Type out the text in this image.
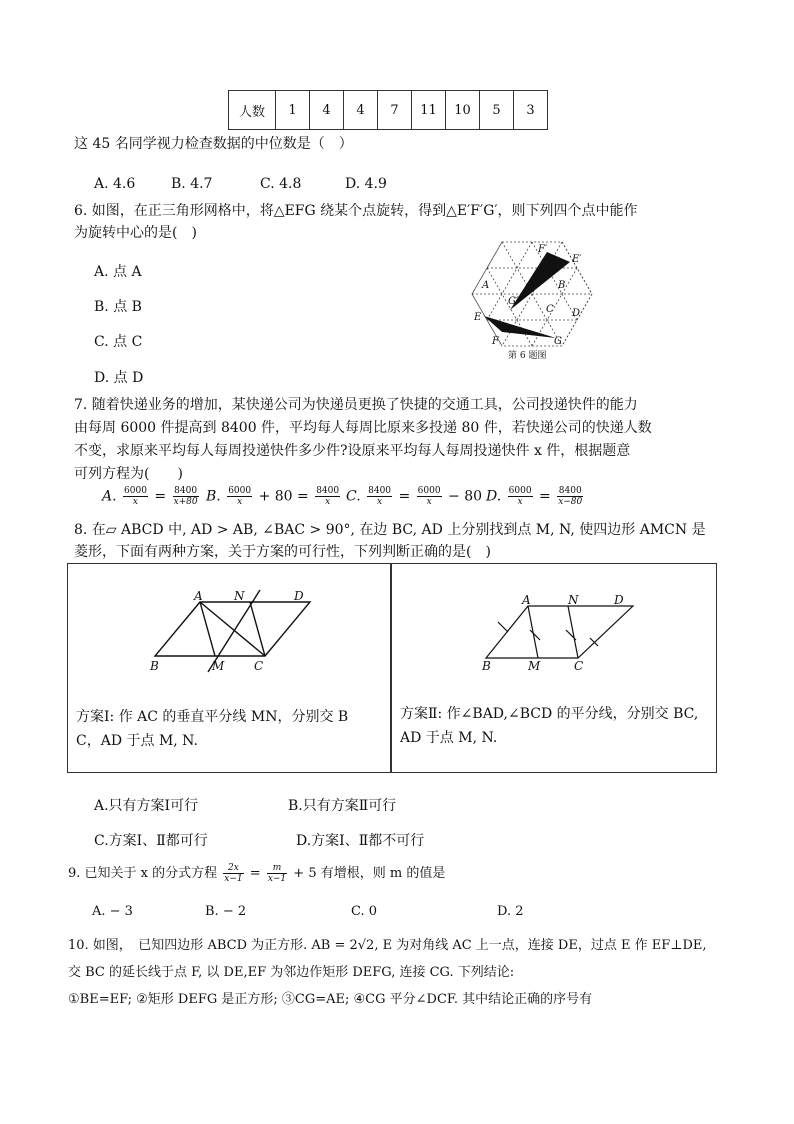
人数	1	4	4	7	11	10	5	3
这 45 名同学视力检查数据的中位数是（　）
A. 4.6	B. 4.7	C. 4.8	D. 4.9
6. 如图，在正三角形网格中，将△EFG 绕某个点旋转，得到△E′F′G′，则下列四个点中能作
为旋转中心的是(　)
A. 点 A
B. 点 B
C. 点 C
D. 点 D
F′
E′
A	B
G′
C D
E
F	G
第 6 题图
7. 随着快递业务的增加，某快递公司为快递员更换了快捷的交通工具，公司投递快件的能力
由每周 6000 件提高到 8400 件，平均每人每周比原来多投递 80 件，若快递公司的快递人数
不变，求原来平均每人每周投递快件多少件?设原来平均每人每周投递快件 x 件，根据题意
可列方程为(　　)
A. $\frac{6000}{x} = \frac{8400}{x+80} B$. $\frac{6000}{x} + 80 = \frac{8400}{x} C$. $\frac{8400}{x} = \frac{6000}{x} - 80$ D. $\frac{6000}{x} = \frac{8400}{x-80}$
8. 在▱ ABCD 中, AD > AB, ∠BAC > 90°, 在边 BC, AD 上分别找到点 M, N, 使四边形 AMCN 是
菱形，下面有两种方案，关于方案的可行性，下列判断正确的是(　)
A	N	D
B	M C
A	N	D
B	M	C
方案Ⅰ: 作 AC 的垂直平分线 MN，分别交 B
C，AD 于点 M, N.
方案Ⅱ: 作∠BAD,∠BCD 的平分线，分别交 BC,
AD 于点 M, N.
A.只有方案Ⅰ可行	B.只有方案Ⅱ可行
C.方案Ⅰ、Ⅱ都可行	D.方案Ⅰ、Ⅱ都不可行
9. 已知关于 x 的分式方程 $\frac{2x}{x-1} = \frac{m}{x-1} + 5$ 有增根，则 m 的值是
A. − 3	B. − 2	C. 0	D. 2
10. 如图，　已知四边形 ABCD 为正方形. AB = 2√2, E 为对角线 AC 上一点，连接 DE，过点 E 作 EF⊥DE,
交 BC 的延长线于点 F, 以 DE,EF 为邻边作矩形 DEFG, 连接 CG. 下列结论:
①BE=EF; ②矩形 DEFG 是正方形; ③CG=AE; ④CG 平分∠DCF. 其中结论正确的序号有
